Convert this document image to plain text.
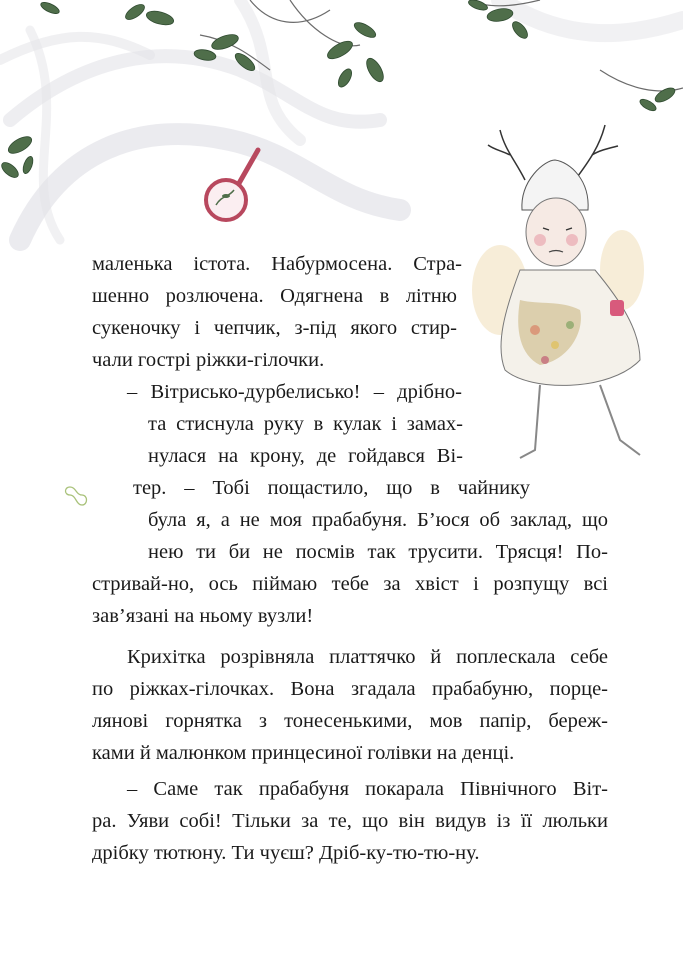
маленька істота. Набурмосена. Стра-
шенно розлючена. Одягнена в літню
сукеночку і чепчик, з-під якого стир-
чали гострі ріжки-гілочки.
– Вітрисько-дурбелисько! – дрібно-
та стиснула руку в кулак і замах-
нулася на крону, де гойдався Ві-
тер. – Тобі пощастило, що в чайнику
була я, а не моя прабабуня. Б’юся об заклад, що
нею ти би не посмів так трусити. Трясця! По-
стривай-но, ось піймаю тебе за хвіст і розпущу всі
зав’язані на ньому вузли!
Крихітка розрівняла платтячко й поплескала себе
по ріжках-гілочках. Вона згадала прабабуню, порце-
лянові горнятка з тонесенькими, мов папір, береж-
ками й малюнком принцесиної голівки на денці.
– Саме так прабабуня покарала Північного Віт-
ра. Уяви собі! Тільки за те, що він видув із її люльки
дрібку тютюну. Ти чуєш? Дріб-ку-тю-тю-ну.
